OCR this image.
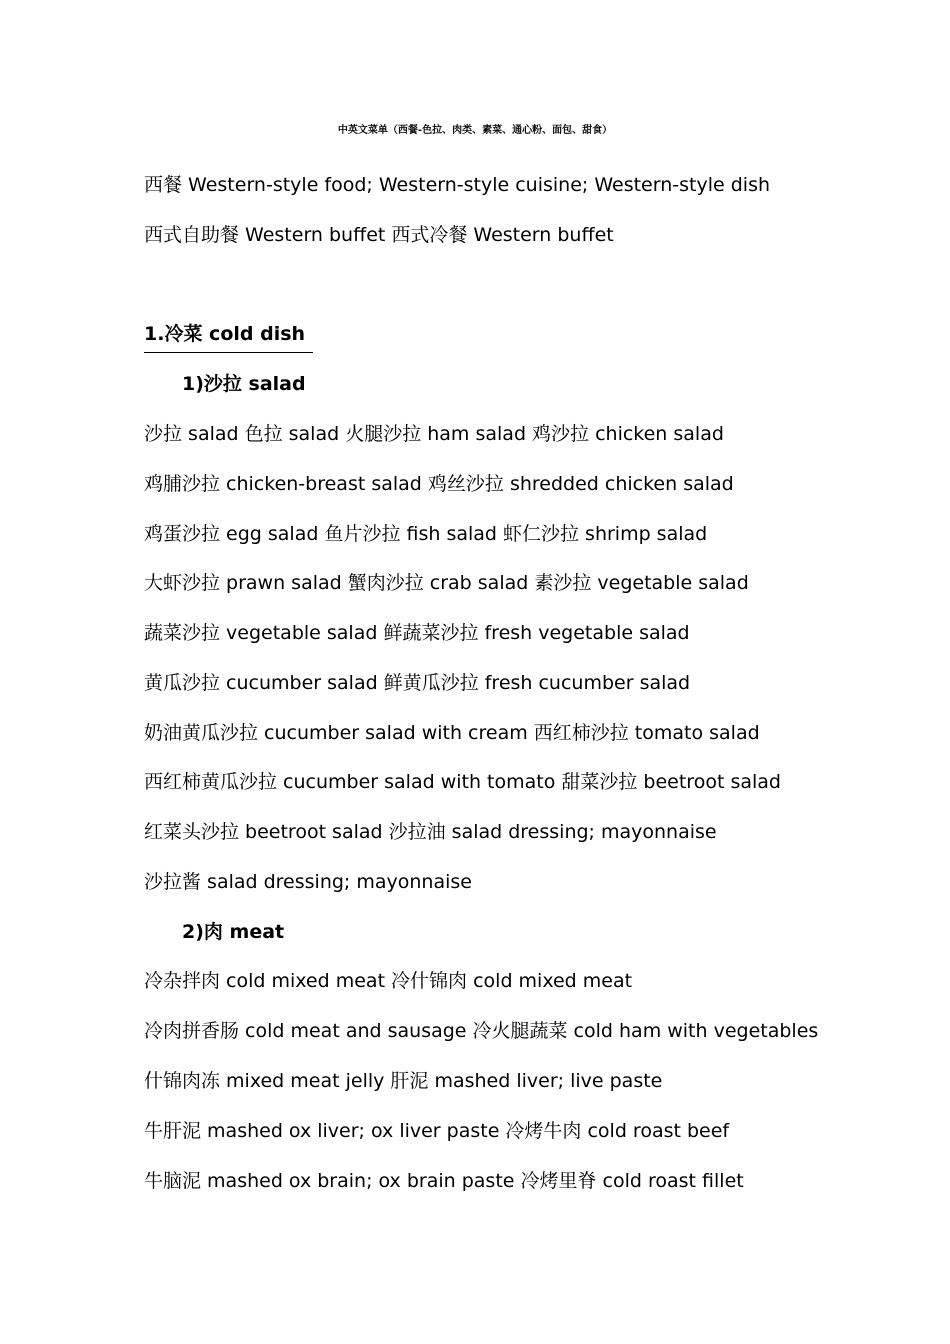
中英文菜单（西餐-色拉、肉类、素菜、通心粉、面包、甜食）
西餐 Western-style food; Western-style cuisine; Western-style dish
西式自助餐 Western buffet 西式冷餐 Western buffet
1.冷菜 cold dish
1)沙拉 salad
沙拉 salad 色拉 salad 火腿沙拉 ham salad 鸡沙拉 chicken salad
鸡脯沙拉 chicken-breast salad 鸡丝沙拉 shredded chicken salad
鸡蛋沙拉 egg salad 鱼片沙拉 fish salad 虾仁沙拉 shrimp salad
大虾沙拉 prawn salad 蟹肉沙拉 crab salad 素沙拉 vegetable salad
蔬菜沙拉 vegetable salad 鲜蔬菜沙拉 fresh vegetable salad
黄瓜沙拉 cucumber salad 鲜黄瓜沙拉 fresh cucumber salad
奶油黄瓜沙拉 cucumber salad with cream 西红柿沙拉 tomato salad
西红柿黄瓜沙拉 cucumber salad with tomato 甜菜沙拉 beetroot salad
红菜头沙拉 beetroot salad 沙拉油 salad dressing; mayonnaise
沙拉酱 salad dressing; mayonnaise
2)肉 meat
冷杂拌肉 cold mixed meat 冷什锦肉 cold mixed meat
冷肉拼香肠 cold meat and sausage 冷火腿蔬菜 cold ham with vegetables
什锦肉冻 mixed meat jelly 肝泥 mashed liver; live paste
牛肝泥 mashed ox liver; ox liver paste 冷烤牛肉 cold roast beef
牛脑泥 mashed ox brain; ox brain paste 冷烤里脊 cold roast fillet
